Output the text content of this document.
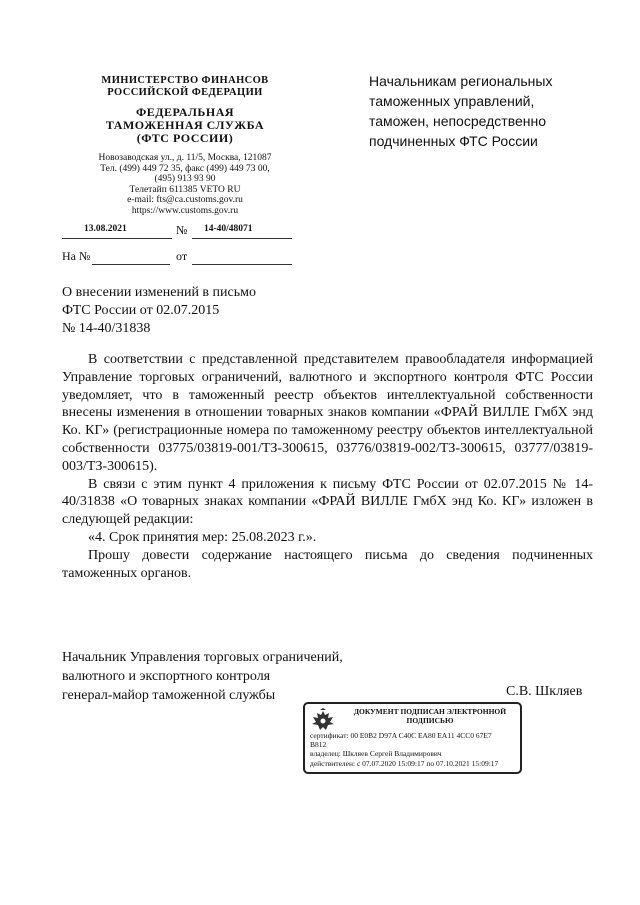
МИНИСТЕРСТВО ФИНАНСОВ
РОССИЙСКОЙ ФЕДЕРАЦИИ
ФЕДЕРАЛЬНАЯ
ТАМОЖЕННАЯ СЛУЖБА
(ФТС РОССИИ)
Новозаводская ул., д. 11/5, Москва, 121087
Тел. (499) 449 72 35, факс (499) 449 73 00,
(495) 913 93 90
Телетайп 611385 VETO RU
e-mail: fts@ca.customs.gov.ru
https://www.customs.gov.ru
Начальникам региональных
таможенных управлений,
таможен, непосредственно
подчиненных ФТС России
13.08.2021	№ 14-40/48071
На №	от
О внесении изменений в письмо
ФТС России от 02.07.2015
№ 14-40/31838

В соответствии с представленной представителем правообладателя информацией Управление торговых ограничений, валютного и экспортного контроля ФТС России уведомляет, что в таможенный реестр объектов интеллектуальной собственности внесены изменения в отношении товарных знаков компании «ФРАЙ ВИЛЛЕ ГмбХ энд Ко. КГ» (регистрационные номера по таможенному реестру объектов интеллектуальной собственности 03775/03819-001/ТЗ-300615, 03776/03819-002/ТЗ-300615, 03777/03819-003/ТЗ-300615).

В связи с этим пункт 4 приложения к письму ФТС России от 02.07.2015 № 14-40/31838 «О товарных знаках компании «ФРАЙ ВИЛЛЕ ГмбХ энд Ко. КГ» изложен в следующей редакции:

«4. Срок принятия мер: 25.08.2023 г.».

Прошу довести содержание настоящего письма до сведения подчиненных таможенных органов.

Начальник Управления торговых ограничений,
валютного и экспортного контроля
генерал-майор таможенной службы	С.В. Шкляев
ДОКУМЕНТ ПОДПИСАН ЭЛЕКТРОННОЙ
ПОДПИСЬЮ
сертификат: 00 E0B2 D97A C40C EA80 EA11 4CC0 67E7
B812
владелец: Шкляев Сергей Владимирович
действителен: с 07.07.2020 15:09:17 по 07.10.2021 15:09:17
